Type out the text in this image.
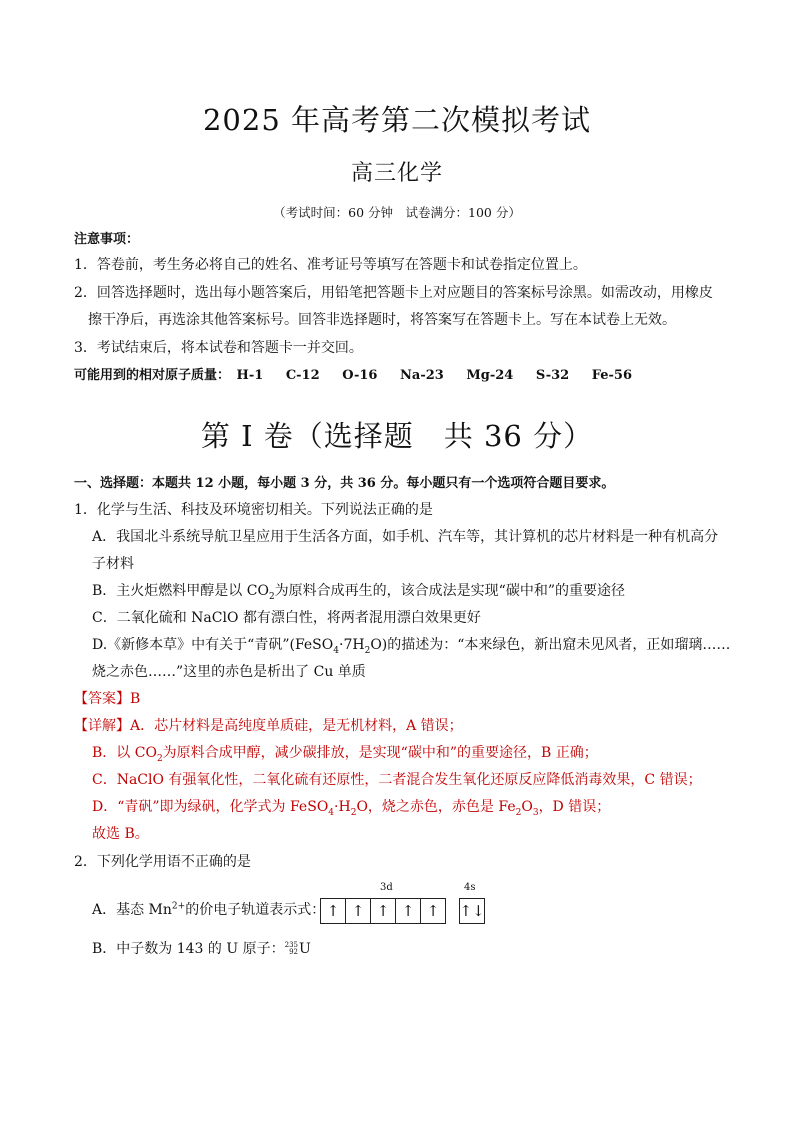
2025 年高考第二次模拟考试
高三化学
（考试时间：60 分钟　试卷满分：100 分）
注意事项：
1．答卷前，考生务必将自己的姓名、准考证号等填写在答题卡和试卷指定位置上。
2．回答选择题时，选出每小题答案后，用铅笔把答题卡上对应题目的答案标号涂黑。如需改动，用橡皮
　擦干净后，再选涂其他答案标号。回答非选择题时，将答案写在答题卡上。写在本试卷上无效。
3．考试结束后，将本试卷和答题卡一并交回。
可能用到的相对原子质量： H-1 C-12 O-16 Na-23 Mg-24 S-32 Fe-56
第 I 卷（选择题　共 36 分）
一、选择题：本题共 12 小题，每小题 3 分，共 36 分。每小题只有一个选项符合题目要求。
1．化学与生活、科技及环境密切相关。下列说法正确的是
A．我国北斗系统导航卫星应用于生活各方面，如手机、汽车等，其计算机的芯片材料是一种有机高分
子材料
B．主火炬燃料甲醇是以 $CO_2$为原料合成再生的，该合成法是实现“碳中和”的重要途径
C．二氧化硫和 NaClO 都有漂白性，将两者混用漂白效果更好
D.《新修本草》中有关于“青矾$”(FeSO_4\cdot 7H_2O)$的描述为：“本来绿色，新出窟未见风者，正如瑠璃……
烧之赤色……”这里的赤色是析出了 Cu 单质
【答案】B
【详解】A．芯片材料是高纯度单质硅，是无机材料，A 错误；
B．以 $CO_2$为原料合成甲醇，减少碳排放，是实现“碳中和”的重要途径，B 正确；
C．NaClO 有强氧化性，二氧化硫有还原性，二者混合发生氧化还原反应降低消毒效果，C 错误；
D．“青矾”即为绿矾，化学式为 $FeSO_4\cdot H_2O$，烧之赤色，赤色是 $Fe_2O_3$，D 错误；
故选 B。
2．下列化学用语不正确的是
A．基态 $Mn^{2+}$的价电子轨道表示式：
3d	4s
↑ ↑ ↑ ↑ ↑	↑↓
B．中子数为 143 的 U 原子： 235
92 U
